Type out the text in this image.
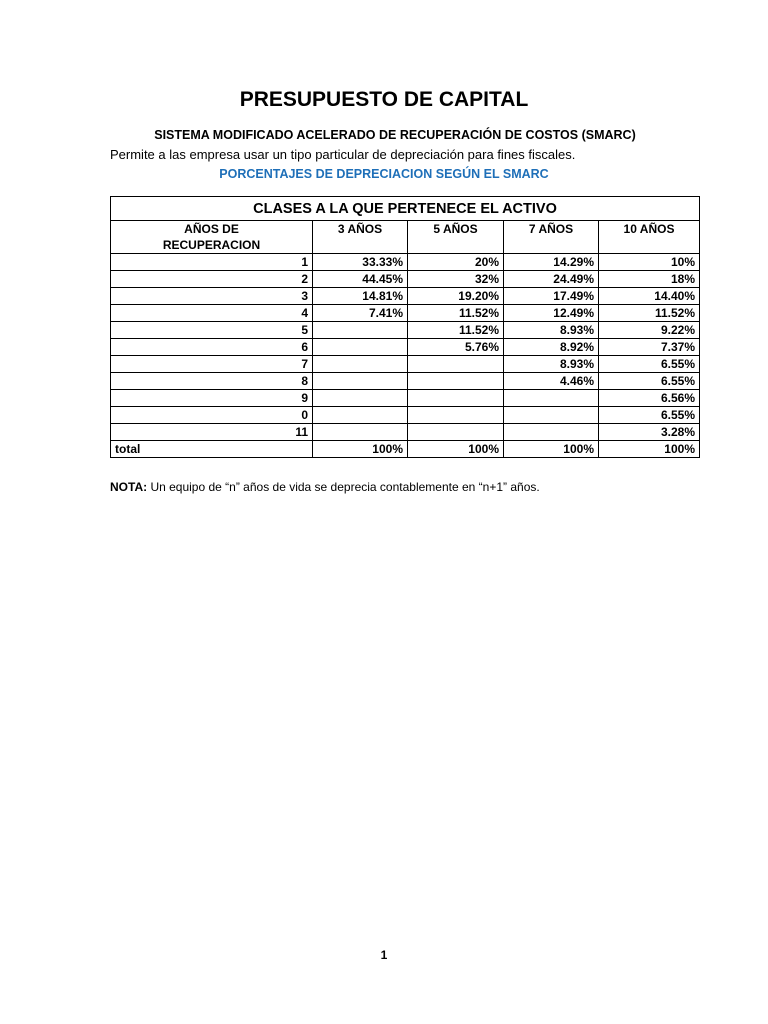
PRESUPUESTO DE CAPITAL
SISTEMA MODIFICADO ACELERADO DE RECUPERACIÓN DE COSTOS (SMARC)
Permite a las empresa usar un tipo particular de depreciación para fines fiscales.
PORCENTAJES DE DEPRECIACION SEGÚN EL SMARC
CLASES A LA QUE PERTENECE EL ACTIVO				
AÑOS DE	3 AÑOS	5 AÑOS	7 AÑOS	10 AÑOS
RECUPERACION				
1	33.33%	20%	14.29%	10%
2	44.45%	32%	24.49%	18%
3	14.81%	19.20%	17.49%	14.40%
4	7.41%	11.52%	12.49%	11.52%
5		11.52%	8.93%	9.22%
6		5.76%	8.92%	7.37%
7			8.93%	6.55%
8			4.46%	6.55%
9				6.56%
0				6.55%
11				3.28%
total	100%	100%	100%	100%
NOTA: Un equipo de “n” años de vida se deprecia contablemente en “n+1” años.
1
